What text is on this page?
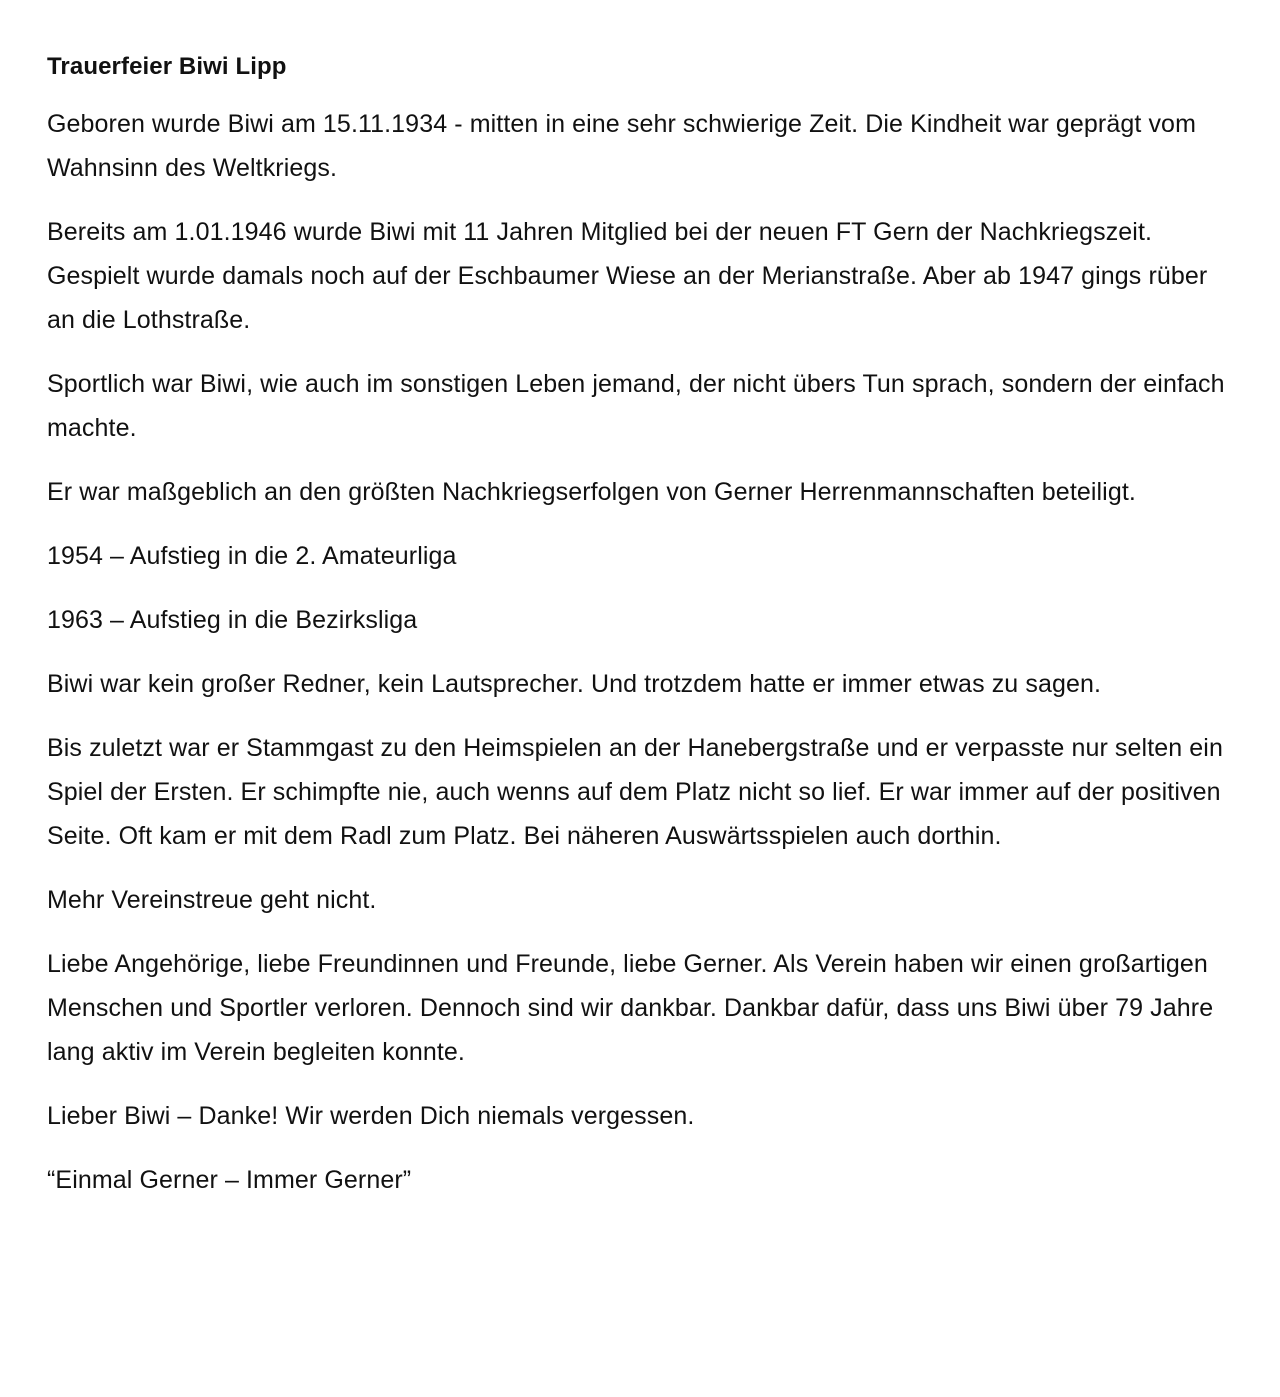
Trauerfeier Biwi Lipp

Geboren wurde Biwi am 15.11.1934 - mitten in eine sehr schwierige Zeit. Die Kindheit war geprägt vom Wahnsinn des Weltkriegs.

Bereits am 1.01.1946 wurde Biwi mit 11 Jahren Mitglied bei der neuen FT Gern der Nachkriegszeit. Gespielt wurde damals noch auf der Eschbaumer Wiese an der Merianstraße. Aber ab 1947 gings rüber an die Lothstraße.

Sportlich war Biwi, wie auch im sonstigen Leben jemand, der nicht übers Tun sprach, sondern der einfach machte.

Er war maßgeblich an den größten Nachkriegserfolgen von Gerner Herrenmannschaften beteiligt.

1954 – Aufstieg in die 2. Amateurliga

1963 – Aufstieg in die Bezirksliga

Biwi war kein großer Redner, kein Lautsprecher. Und trotzdem hatte er immer etwas zu sagen.

Bis zuletzt war er Stammgast zu den Heimspielen an der Hanebergstraße und er verpasste nur selten ein Spiel der Ersten. Er schimpfte nie, auch wenns auf dem Platz nicht so lief. Er war immer auf der positiven Seite. Oft kam er mit dem Radl zum Platz. Bei näheren Auswärtsspielen auch dorthin.

Mehr Vereinstreue geht nicht.

Liebe Angehörige, liebe Freundinnen und Freunde, liebe Gerner. Als Verein haben wir einen großartigen Menschen und Sportler verloren. Dennoch sind wir dankbar. Dankbar dafür, dass uns Biwi über 79 Jahre lang aktiv im Verein begleiten konnte.

Lieber Biwi – Danke! Wir werden Dich niemals vergessen.

“Einmal Gerner – Immer Gerner”
